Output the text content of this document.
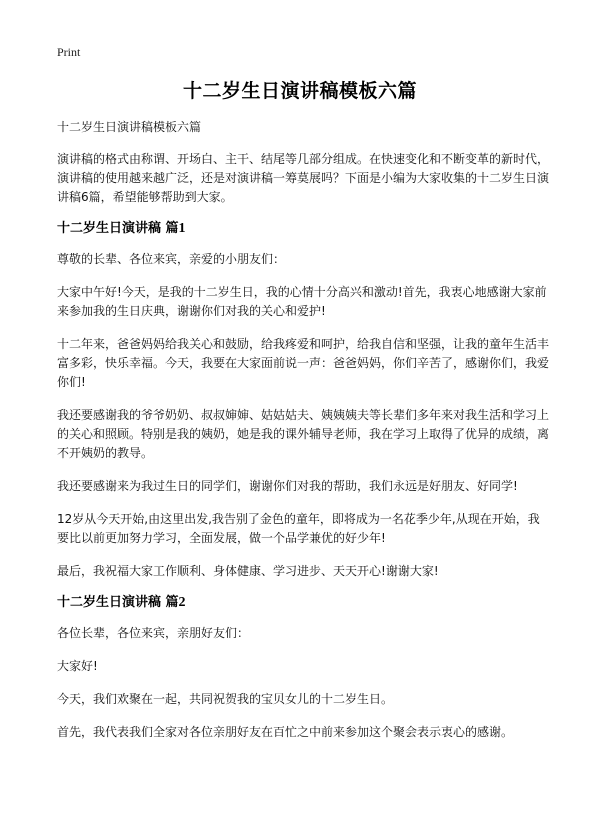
Print
十二岁生日演讲稿模板六篇

十二岁生日演讲稿模板六篇

演讲稿的格式由称谓、开场白、主干、结尾等几部分组成。在快速变化和不断变革的新时代，演讲稿的使用越来越广泛，还是对演讲稿一筹莫展吗？下面是小编为大家收集的十二岁生日演讲稿6篇，希望能够帮助到大家。

十二岁生日演讲稿 篇1

尊敬的长辈、各位来宾，亲爱的小朋友们：

大家中午好!今天，是我的十二岁生日，我的心情十分高兴和激动!首先，我衷心地感谢大家前来参加我的生日庆典，谢谢你们对我的关心和爱护!

十二年来，爸爸妈妈给我关心和鼓励，给我疼爱和呵护，给我自信和坚强，让我的童年生活丰富多彩，快乐幸福。今天，我要在大家面前说一声：爸爸妈妈，你们辛苦了，感谢你们，我爱你们!

我还要感谢我的爷爷奶奶、叔叔婶婶、姑姑姑夫、姨姨姨夫等长辈们多年来对我生活和学习上的关心和照顾。特别是我的姨奶，她是我的课外辅导老师，我在学习上取得了优异的成绩，离不开姨奶的教导。

我还要感谢来为我过生日的同学们，谢谢你们对我的帮助，我们永远是好朋友、好同学!

12岁从今天开始,由这里出发,我告别了金色的童年，即将成为一名花季少年,从现在开始，我要比以前更加努力学习，全面发展，做一个品学兼优的好少年!

最后，我祝福大家工作顺利、身体健康、学习进步、天天开心!谢谢大家!

十二岁生日演讲稿 篇2

各位长辈，各位来宾，亲朋好友们：

大家好!

今天，我们欢聚在一起，共同祝贺我的宝贝女儿的十二岁生日。

首先，我代表我们全家对各位亲朋好友在百忙之中前来参加这个聚会表示衷心的感谢。
